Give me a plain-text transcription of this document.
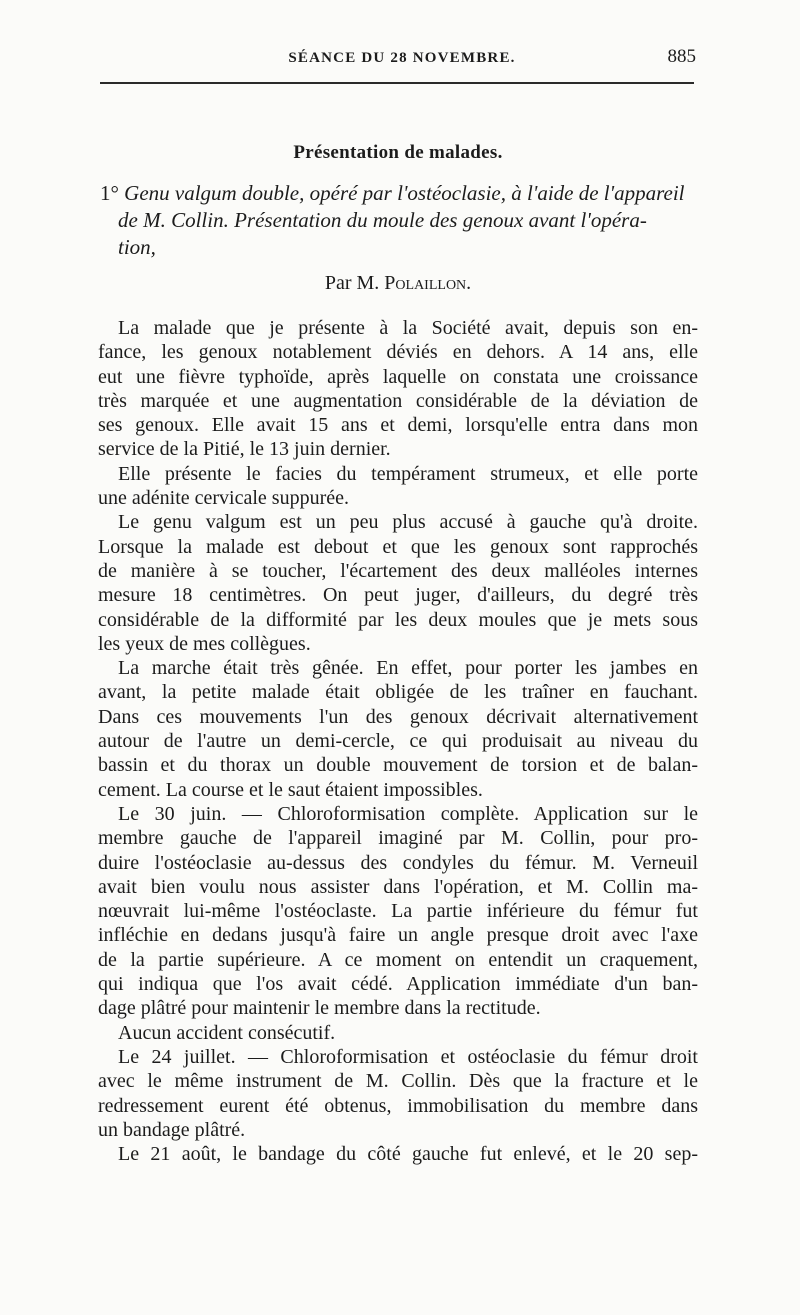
SÉANCE DU 28 NOVEMBRE.	885
Présentation de malades.
1° Genu valgum double, opéré par l'ostéoclasie, à l'aide de l'appareil
de M. Collin. Présentation du moule des genoux avant l'opéra-
tion,
Par M. Polaillon.
La malade que je présente à la Société avait, depuis son en-
fance, les genoux notablement déviés en dehors. A 14 ans, elle
eut une fièvre typhoïde, après laquelle on constata une croissance
très marquée et une augmentation considérable de la déviation de
ses genoux. Elle avait 15 ans et demi, lorsqu'elle entra dans mon
service de la Pitié, le 13 juin dernier.
Elle présente le facies du tempérament strumeux, et elle porte
une adénite cervicale suppurée.
Le genu valgum est un peu plus accusé à gauche qu'à droite.
Lorsque la malade est debout et que les genoux sont rapprochés
de manière à se toucher, l'écartement des deux malléoles internes
mesure 18 centimètres. On peut juger, d'ailleurs, du degré très
considérable de la difformité par les deux moules que je mets sous
les yeux de mes collègues.
La marche était très gênée. En effet, pour porter les jambes en
avant, la petite malade était obligée de les traîner en fauchant.
Dans ces mouvements l'un des genoux décrivait alternativement
autour de l'autre un demi-cercle, ce qui produisait au niveau du
bassin et du thorax un double mouvement de torsion et de balan-
cement. La course et le saut étaient impossibles.
Le 30 juin. — Chloroformisation complète. Application sur le
membre gauche de l'appareil imaginé par M. Collin, pour pro-
duire l'ostéoclasie au-dessus des condyles du fémur. M. Verneuil
avait bien voulu nous assister dans l'opération, et M. Collin ma-
nœuvrait lui-même l'ostéoclaste. La partie inférieure du fémur fut
infléchie en dedans jusqu'à faire un angle presque droit avec l'axe
de la partie supérieure. A ce moment on entendit un craquement,
qui indiqua que l'os avait cédé. Application immédiate d'un ban-
dage plâtré pour maintenir le membre dans la rectitude.
Aucun accident consécutif.
Le 24 juillet. — Chloroformisation et ostéoclasie du fémur droit
avec le même instrument de M. Collin. Dès que la fracture et le
redressement eurent été obtenus, immobilisation du membre dans
un bandage plâtré.
Le 21 août, le bandage du côté gauche fut enlevé, et le 20 sep-
